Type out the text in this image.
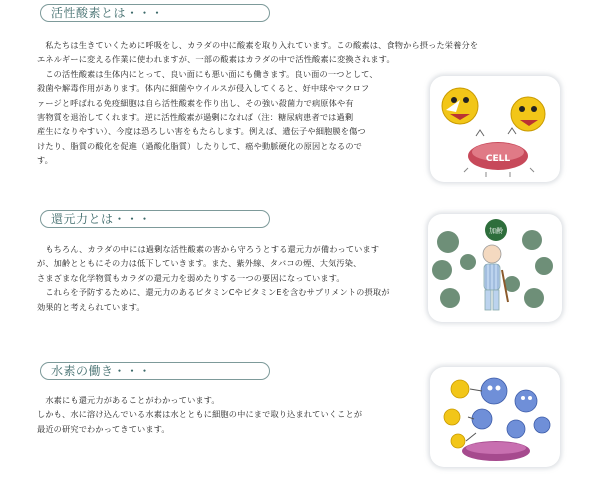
活性酸素とは・・・
　私たちは生きていくために呼吸をし、カラダの中に酸素を取り入れています。この酸素は、食物から摂った栄養分を
エネルギーに変える作業に使われますが、一部の酸素はカラダの中で活性酸素に変換されます。
　この活性酸素は生体内にとって、良い面にも悪い面にも働きます。良い面の一つとして、
殺菌や解毒作用があります。体内に細菌やウイルスが侵入してくると、好中球やマクロフ
ァージと呼ばれる免疫細胞は自ら活性酸素を作り出し、その強い殺菌力で病原体や有
害物質を退治してくれます。逆に活性酸素が過剰になれば（注：糖尿病患者では過剰
産生になりやすい）、今度は恐ろしい害をもたらします。例えば、遺伝子や細胞膜を傷つ
けたり、脂質の酸化を促進（過酸化脂質）したりして、癌や動脈硬化の原因となるので
す。	CELL
還元力とは・・・
　もちろん、カラダの中には過剰な活性酸素の害から守ろうとする還元力が備わっています
が、加齢とともにその力は低下していきます。また、紫外線、タバコの煙、大気汚染、
さまざまな化学物質もカラダの還元力を弱めたりする一つの要因になっています。
　これらを予防するために、還元力のあるビタミンCやビタミンEを含むサプリメントの摂取が
効果的と考えられています。
加齢
水素の働き・・・
　水素にも還元力があることがわかっています。
しかも、水に溶け込んでいる水素は水とともに細胞の中にまで取り込まれていくことが
最近の研究でわかってきています。
